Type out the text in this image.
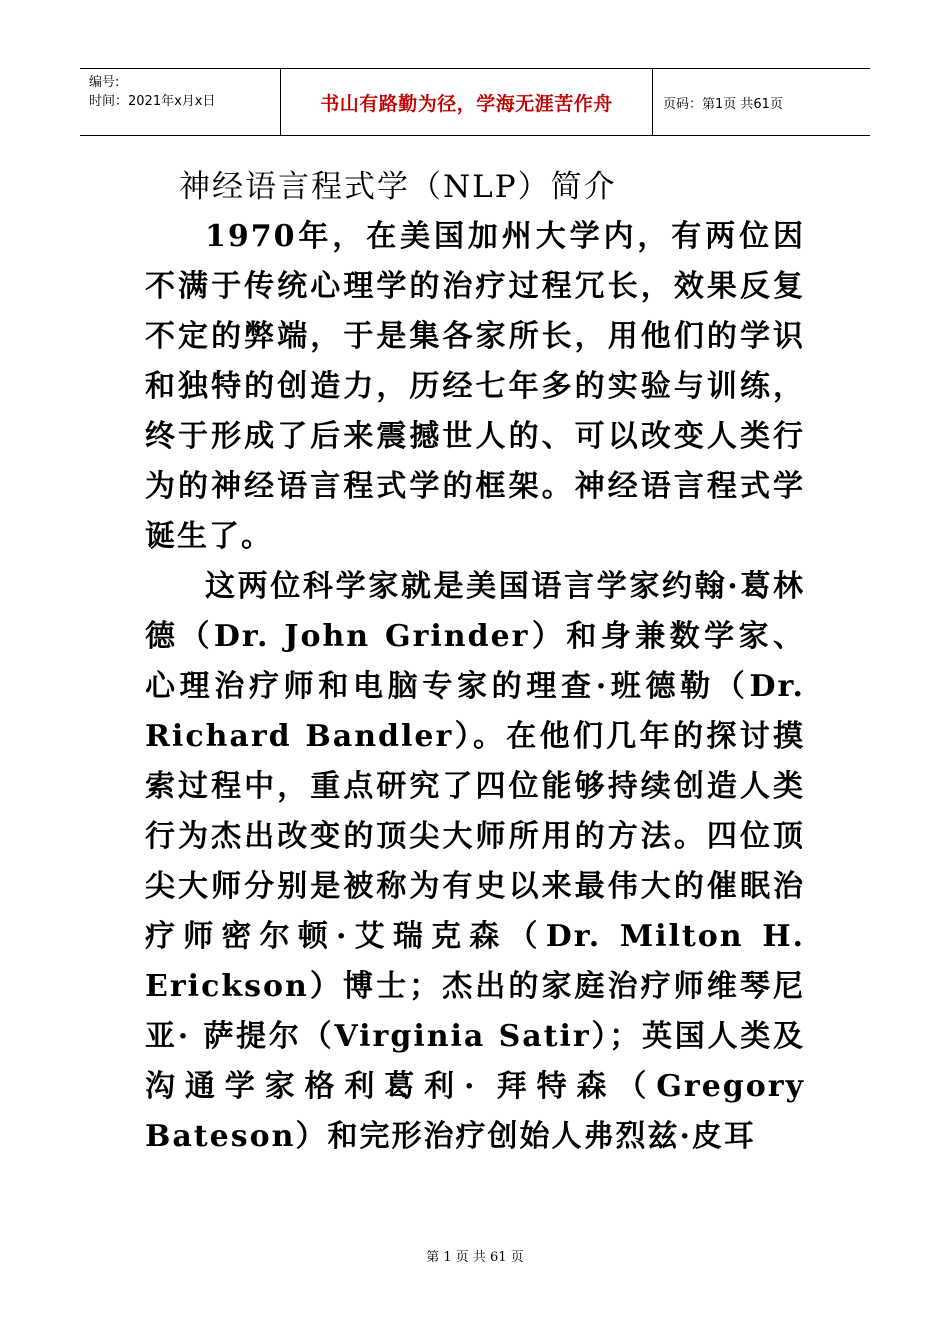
编号:
时间：2021年x月x日	书山有路勤为径，学海无涯苦作舟	页码：第1页 共61页
神经语言程式学（NLP）简介

1970年，在美国加州大学内，有两位因不满于传统心理学的治疗过程冗长，效果反复不定的弊端，于是集各家所长，用他们的学识和独特的创造力，历经七年多的实验与训练，终于形成了后来震撼世人的、可以改变人类行为的神经语言程式学的框架。神经语言程式学诞生了。

这两位科学家就是美国语言学家约翰·葛林德（Dr. John Grinder）和身兼数学家、心理治疗师和电脑专家的理查·班德勒（Dr. Richard Bandler）。在他们几年的探讨摸索过程中，重点研究了四位能够持续创造人类行为杰出改变的顶尖大师所用的方法。四位顶尖大师分别是被称为有史以来最伟大的催眠治疗师密尔顿·艾瑞克森（Dr. Milton H. Erickson）博士；杰出的家庭治疗师维琴尼亚· 萨提尔（Virginia Satir）；英国人类及沟通学家格利葛利· 拜特森（Gregory Bateson）和完形治疗创始人弗烈兹·皮耳

第 1 页 共 61 页
